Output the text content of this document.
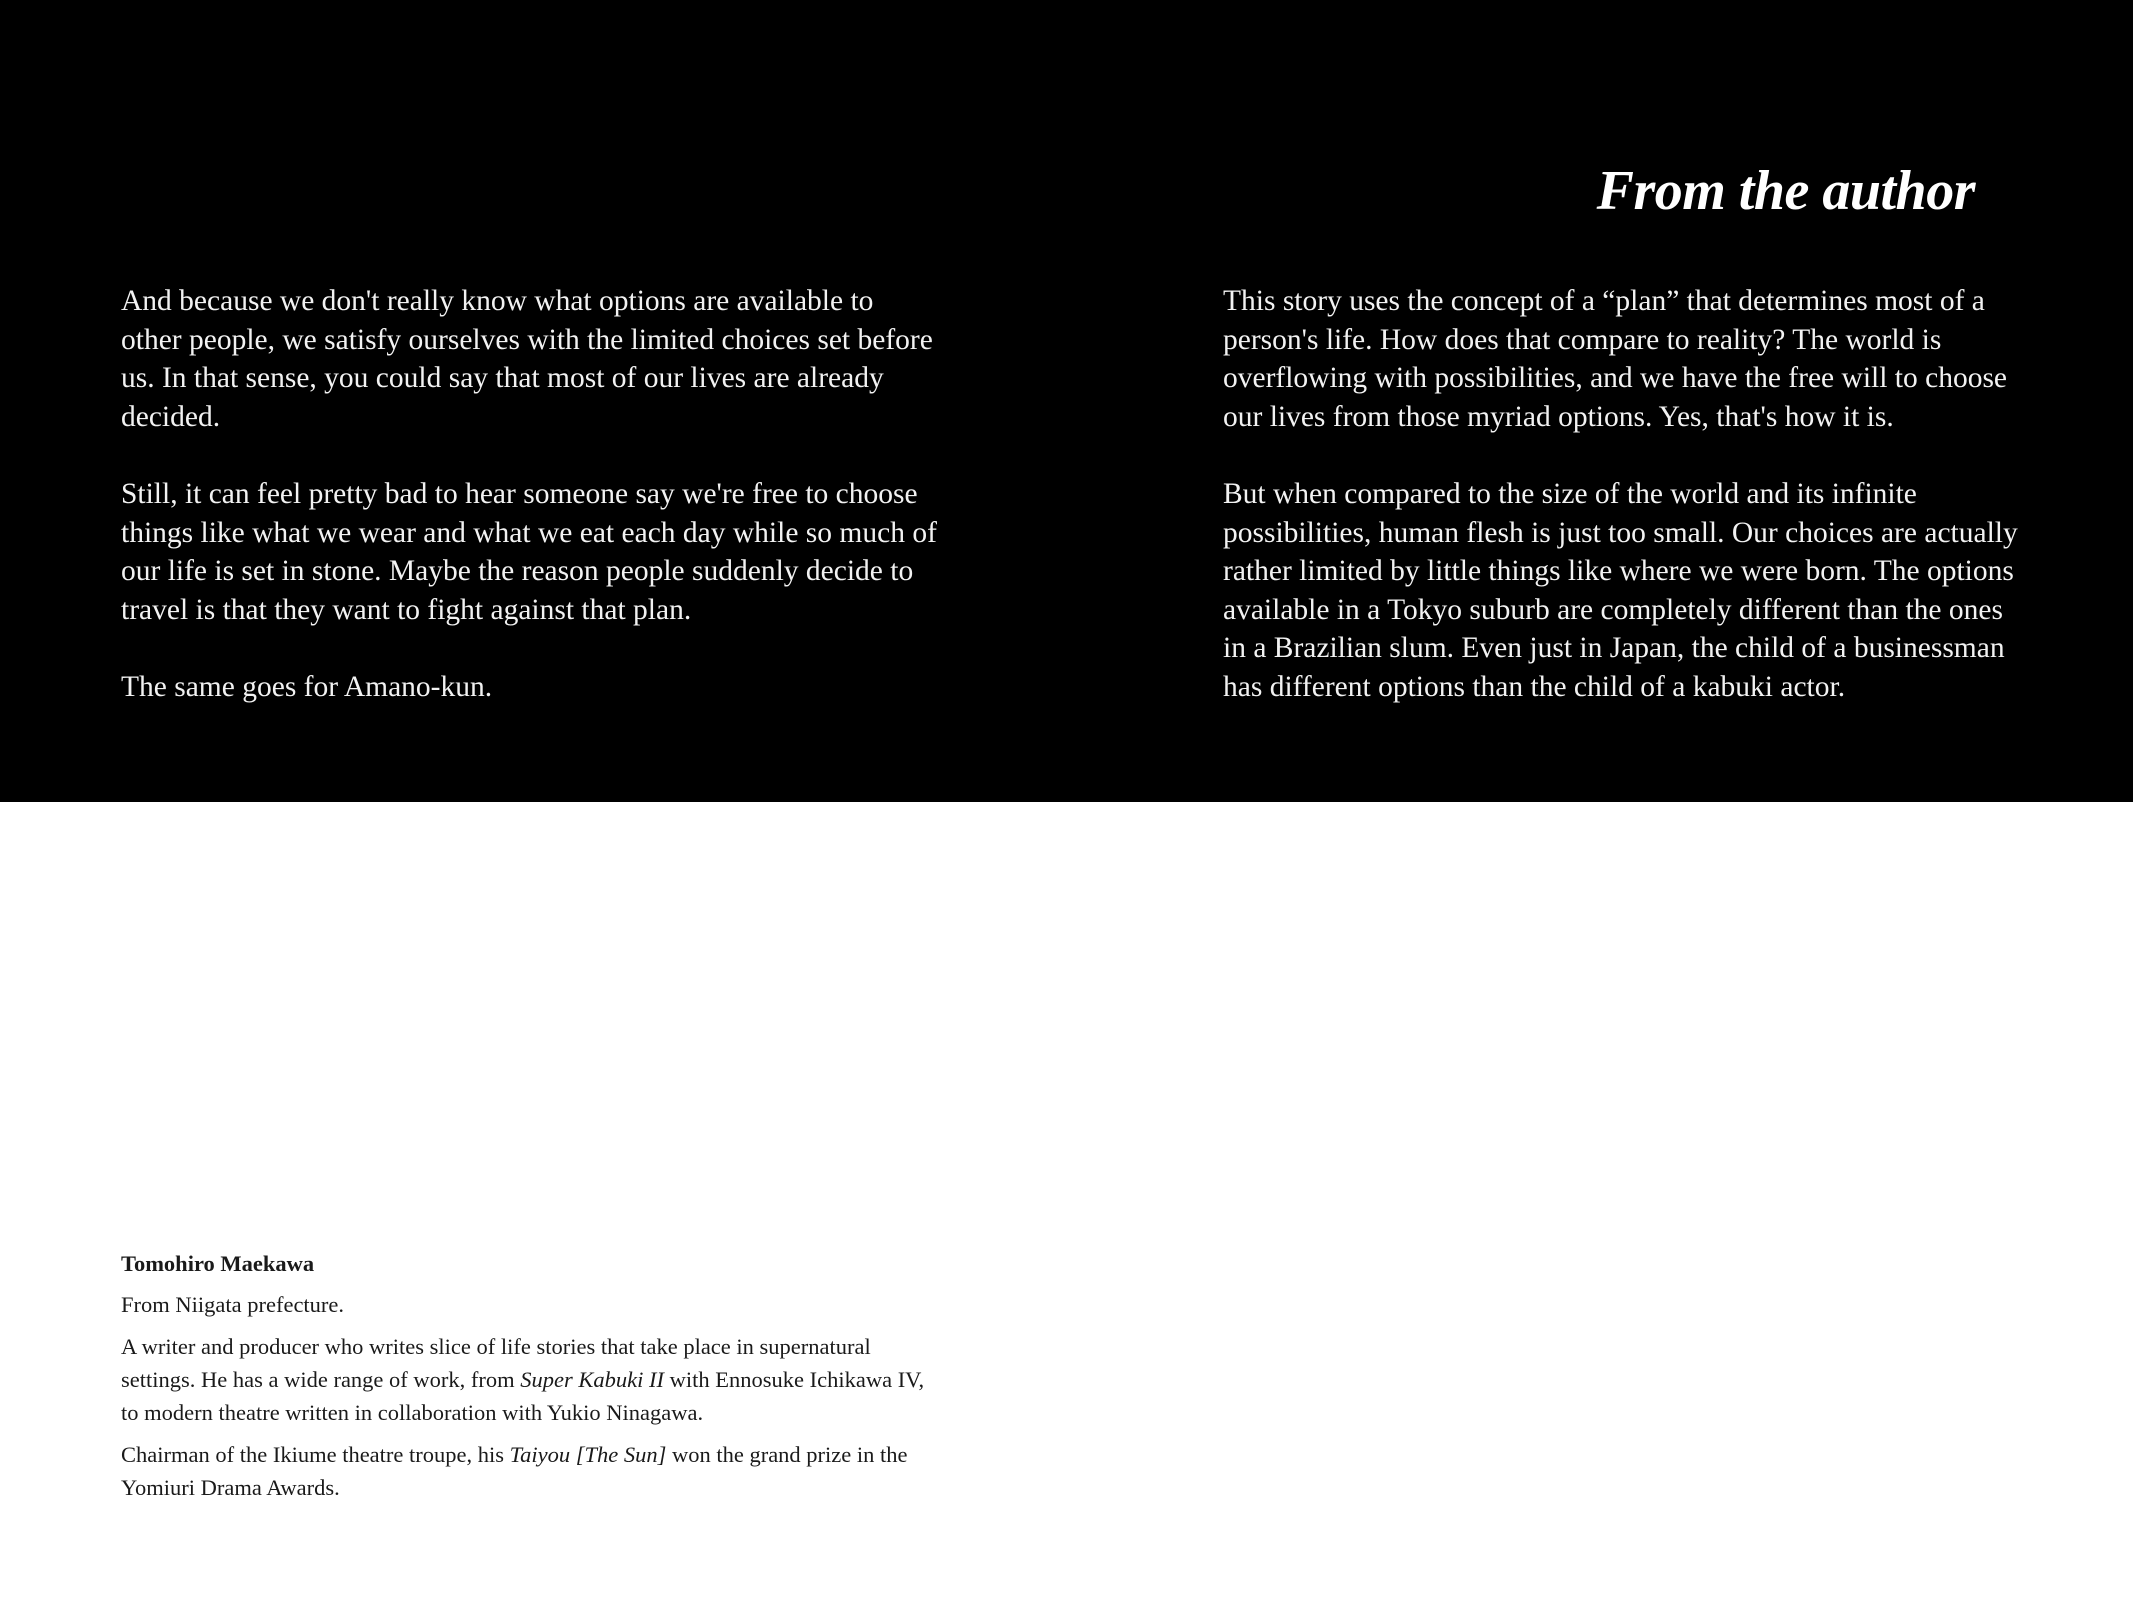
From the author

And because we don't really know what options are available to other people, we satisfy ourselves with the limited choices set before us. In that sense, you could say that most of our lives are already decided.

Still, it can feel pretty bad to hear someone say we're free to choose things like what we wear and what we eat each day while so much of our life is set in stone. Maybe the reason people suddenly decide to travel is that they want to fight against that plan.

The same goes for Amano-kun.

This story uses the concept of a “plan” that determines most of a person's life. How does that compare to reality? The world is overflowing with possibilities, and we have the free will to choose our lives from those myriad options. Yes, that's how it is.

But when compared to the size of the world and its infinite possibilities, human flesh is just too small. Our choices are actually rather limited by little things like where we were born. The options available in a Tokyo suburb are completely different than the ones in a Brazilian slum. Even just in Japan, the child of a businessman has different options than the child of a kabuki actor.

Tomohiro Maekawa

From Niigata prefecture.

A writer and producer who writes slice of life stories that take place in supernatural settings. He has a wide range of work, from Super Kabuki II with Ennosuke Ichikawa IV, to modern theatre written in collaboration with Yukio Ninagawa.

Chairman of the Ikiume theatre troupe, his Taiyou [The Sun] won the grand prize in the Yomiuri Drama Awards.
